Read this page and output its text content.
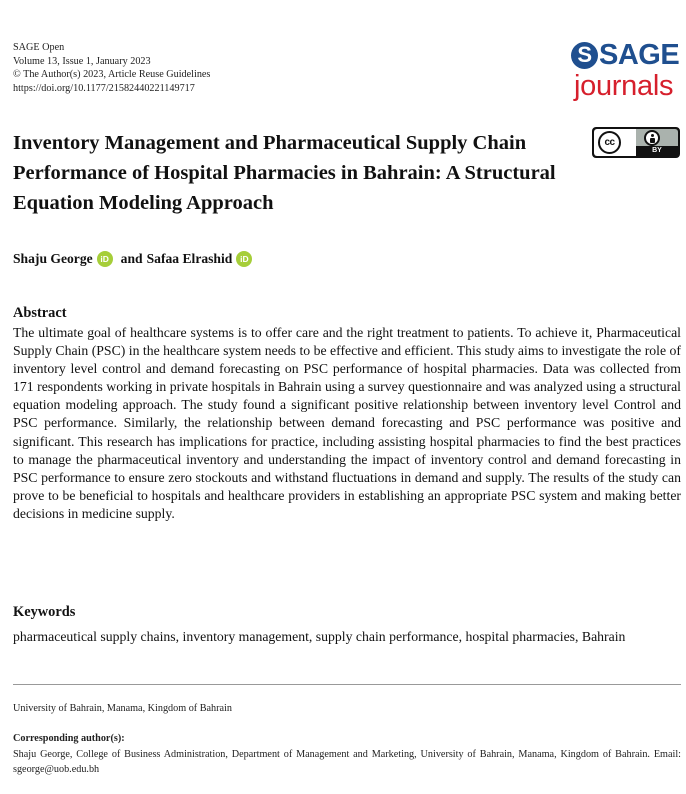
SAGE Open
Volume 13, Issue 1, January 2023
© The Author(s) 2023, Article Reuse Guidelines
https://doi.org/10.1177/21582440221149717
S SAGE
journals
Inventory Management and Pharmaceutical Supply Chain Performance of Hospital Pharmacies in Bahrain: A Structural Equation Modeling Approach
cc
BY
Shaju George iD and Safaa Elrashid iD
Abstract

The ultimate goal of healthcare systems is to offer care and the right treatment to patients. To achieve it, Pharmaceutical Supply Chain (PSC) in the healthcare system needs to be effective and efficient. This study aims to investigate the role of inventory level control and demand forecasting on PSC performance of hospital pharmacies. Data was collected from 171 respondents working in private hospitals in Bahrain using a survey questionnaire and was analyzed using a structural equation modeling approach. The study found a significant positive relationship between inventory level Control and PSC performance. Similarly, the relationship between demand forecasting and PSC performance was positive and significant. This research has implications for practice, including assisting hospital pharmacies to find the best practices to manage the pharmaceutical inventory and understanding the impact of inventory control and demand forecasting in PSC performance to ensure zero stockouts and withstand fluctuations in demand and supply. The results of the study can prove to be beneficial to hospitals and healthcare providers in establishing an appropriate PSC system and making better decisions in medicine supply.

Keywords

pharmaceutical supply chains, inventory management, supply chain performance, hospital pharmacies, Bahrain

University of Bahrain, Manama, Kingdom of Bahrain
Corresponding author(s):
Shaju George, College of Business Administration, Department of Management and Marketing, University of Bahrain, Manama, Kingdom of Bahrain. Email: sgeorge@uob.edu.bh
